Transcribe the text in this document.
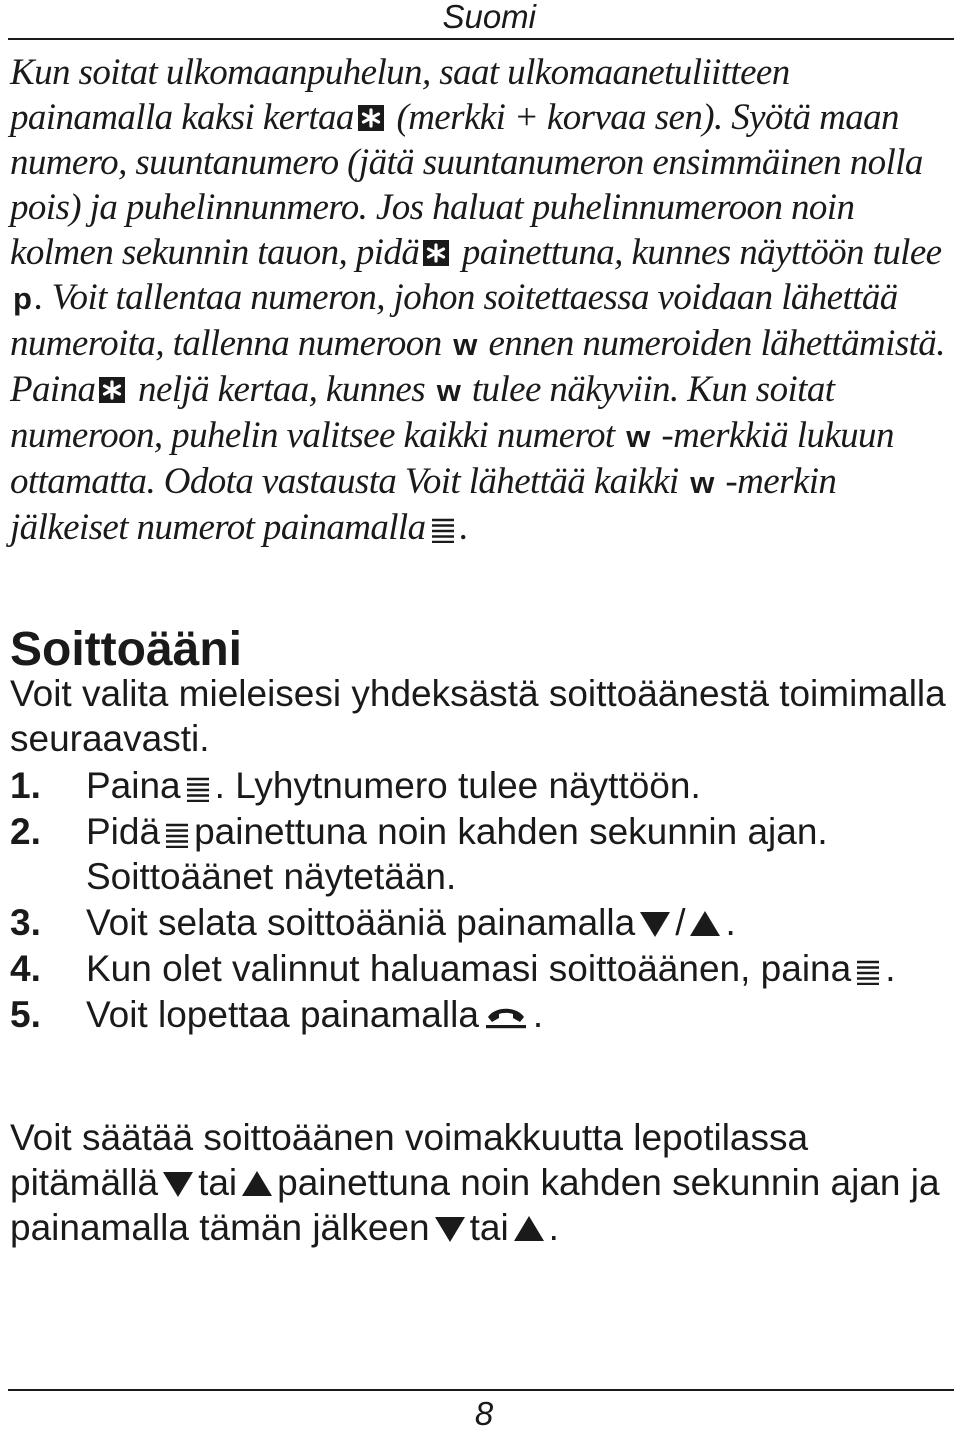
Suomi

Kun soitat ulkomaanpuhelun, saat ulkomaanetuliitteen painamalla kaksi kertaa (merkki + korvaa sen). Syötä maan numero, suuntanumero (jätä suuntanumeron ensimmäinen nolla pois) ja puhelinnunmero. Jos haluat puhelinnumeroon noin kolmen sekunnin tauon, pidä painettuna, kunnes näyttöön tulee p. Voit tallentaa numeron, johon soitettaessa voidaan lähettää numeroita, tallenna numeroon w ennen numeroiden lähettämistä. Paina neljä kertaa, kunnes w tulee näkyviin. Kun soitat numeroon, puhelin valitsee kaikki numerot w -merkkiä lukuun ottamatta. Odota vastausta Voit lähettää kaikki w -merkin jälkeiset numerot painamalla .

Soittoääni
Voit valita mieleisesi yhdeksästä soittoäänestä toimimalla seuraavasti.
1. Paina . Lyhytnumero tulee näyttöön.
2. Pidä painettuna noin kahden sekunnin ajan. Soittoäänet näytetään.
3. Voit selata soittoääniä painamalla / .
4. Kun olet valinnut haluamasi soittoäänen, paina .
5. Voit lopettaa painamalla .
Voit säätää soittoäänen voimakkuutta lepotilassa pitämällä tai painettuna noin kahden sekunnin ajan ja painamalla tämän jälkeen tai .
8
